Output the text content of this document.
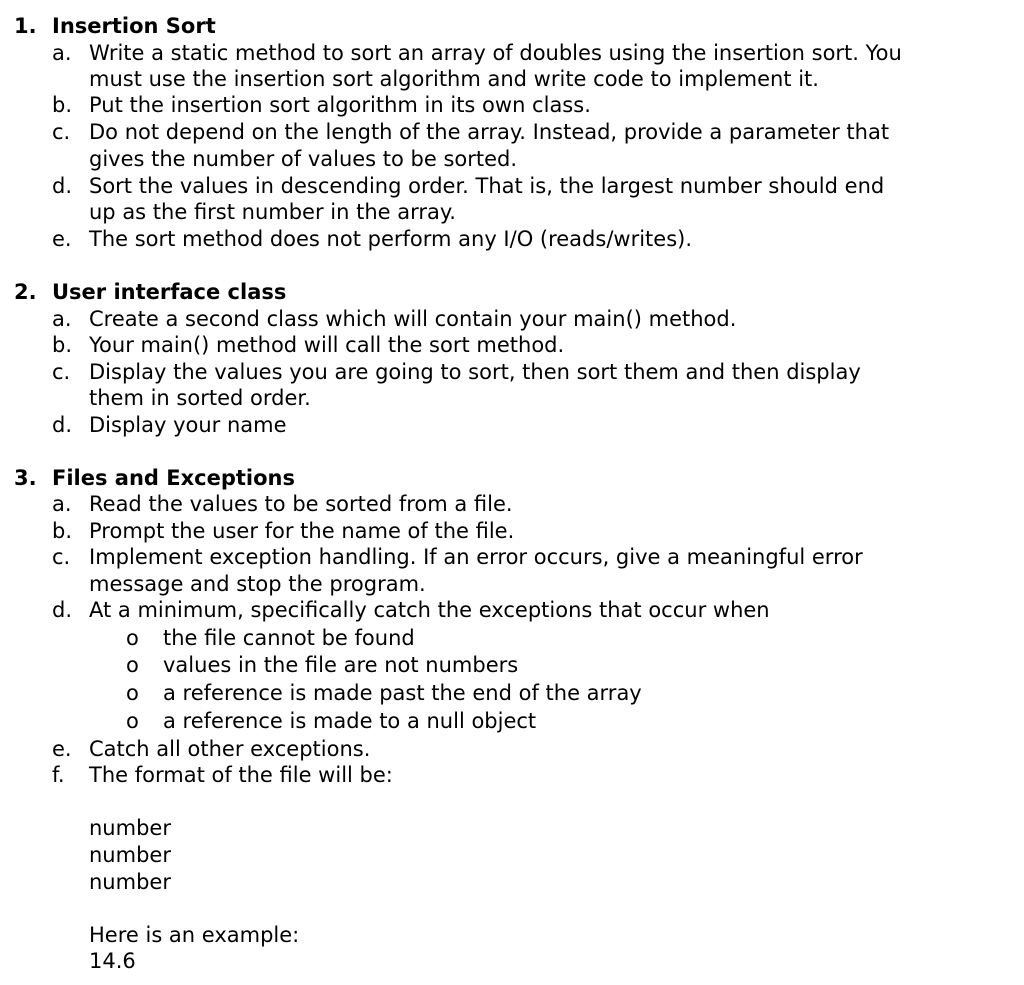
1. Insertion Sort
a. Write a static method to sort an array of doubles using the insertion sort. You
must use the insertion sort algorithm and write code to implement it.
b. Put the insertion sort algorithm in its own class.
c. Do not depend on the length of the array. Instead, provide a parameter that
gives the number of values to be sorted.
d. Sort the values in descending order. That is, the largest number should end
up as the first number in the array.
e. The sort method does not perform any I/O (reads/writes).
2. User interface class
a. Create a second class which will contain your main() method.
b. Your main() method will call the sort method.
c. Display the values you are going to sort, then sort them and then display
them in sorted order.
d. Display your name
3. Files and Exceptions
a. Read the values to be sorted from a file.
b. Prompt the user for the name of the file.
c. Implement exception handling. If an error occurs, give a meaningful error
message and stop the program.
d. At a minimum, specifically catch the exceptions that occur when
o the file cannot be found
o values in the file are not numbers
o a reference is made past the end of the array
o a reference is made to a null object
e. Catch all other exceptions.
f. The format of the file will be:
number
number
number
Here is an example:
14.6
